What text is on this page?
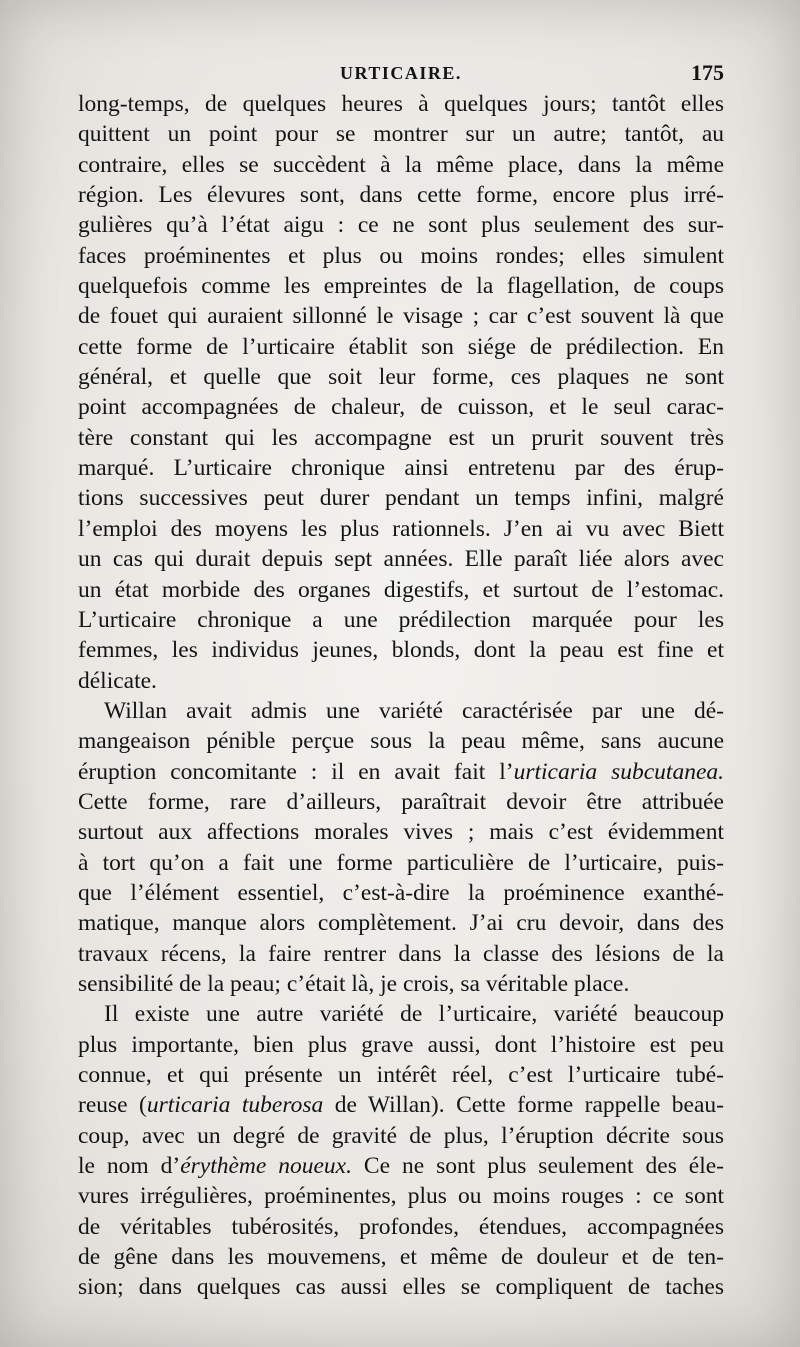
URTICAIRE.	175
long-temps, de quelques heures à quelques jours; tantôt elles
quittent un point pour se montrer sur un autre; tantôt, au
contraire, elles se succèdent à la même place, dans la même
région. Les élevures sont, dans cette forme, encore plus irré-
gulières qu’à l’état aigu : ce ne sont plus seulement des sur-
faces proéminentes et plus ou moins rondes; elles simulent
quelquefois comme les empreintes de la flagellation, de coups
de fouet qui auraient sillonné le visage ; car c’est souvent là que
cette forme de l’urticaire établit son siége de prédilection. En
général, et quelle que soit leur forme, ces plaques ne sont
point accompagnées de chaleur, de cuisson, et le seul carac-
tère constant qui les accompagne est un prurit souvent très
marqué. L’urticaire chronique ainsi entretenu par des érup-
tions successives peut durer pendant un temps infini, malgré
l’emploi des moyens les plus rationnels. J’en ai vu avec Biett
un cas qui durait depuis sept années. Elle paraît liée alors avec
un état morbide des organes digestifs, et surtout de l’estomac.
L’urticaire chronique a une prédilection marquée pour les
femmes, les individus jeunes, blonds, dont la peau est fine et
délicate.
Willan avait admis une variété caractérisée par une dé-
mangeaison pénible perçue sous la peau même, sans aucune
éruption concomitante : il en avait fait l’urticaria subcutanea.
Cette forme, rare d’ailleurs, paraîtrait devoir être attribuée
surtout aux affections morales vives ; mais c’est évidemment
à tort qu’on a fait une forme particulière de l’urticaire, puis-
que l’élément essentiel, c’est-à-dire la proéminence exanthé-
matique, manque alors complètement. J’ai cru devoir, dans des
travaux récens, la faire rentrer dans la classe des lésions de la
sensibilité de la peau; c’était là, je crois, sa véritable place.
Il existe une autre variété de l’urticaire, variété beaucoup
plus importante, bien plus grave aussi, dont l’histoire est peu
connue, et qui présente un intérêt réel, c’est l’urticaire tubé-
reuse (urticaria tuberosa de Willan). Cette forme rappelle beau-
coup, avec un degré de gravité de plus, l’éruption décrite sous
le nom d’érythème noueux. Ce ne sont plus seulement des éle-
vures irrégulières, proéminentes, plus ou moins rouges : ce sont
de véritables tubérosités, profondes, étendues, accompagnées
de gêne dans les mouvemens, et même de douleur et de ten-
sion; dans quelques cas aussi elles se compliquent de taches
